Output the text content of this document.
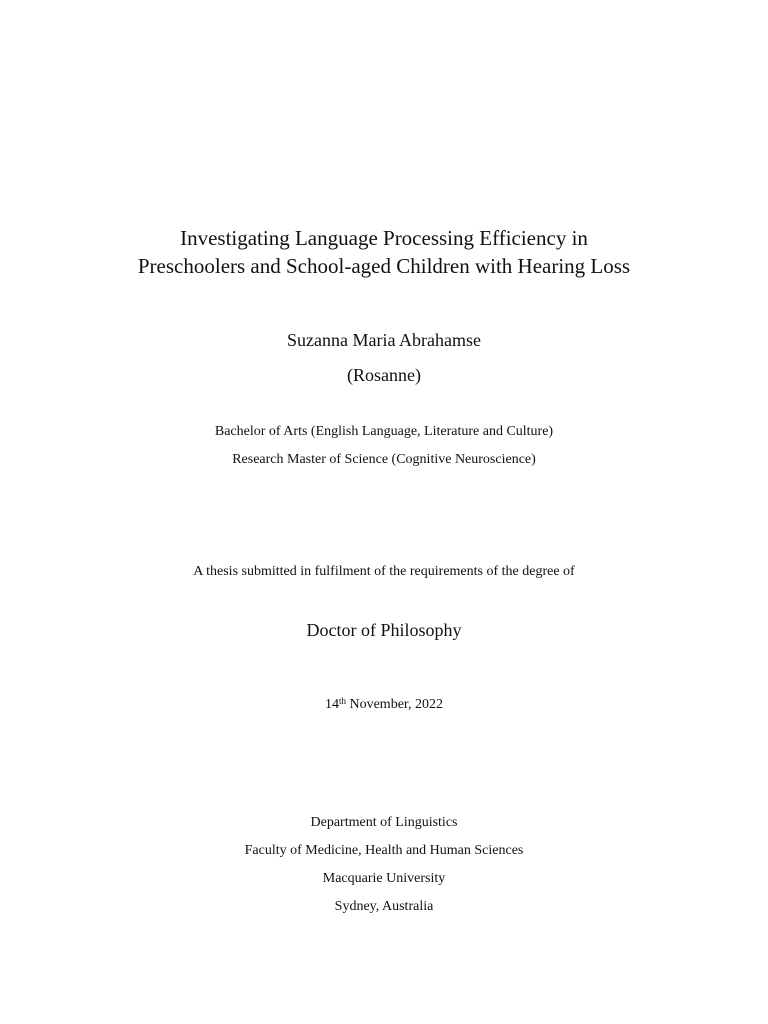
Investigating Language Processing Efficiency in
Preschoolers and School-aged Children with Hearing Loss
Suzanna Maria Abrahamse
(Rosanne)
Bachelor of Arts (English Language, Literature and Culture)
Research Master of Science (Cognitive Neuroscience)
A thesis submitted in fulfilment of the requirements of the degree of
Doctor of Philosophy
14th November, 2022
Department of Linguistics
Faculty of Medicine, Health and Human Sciences
Macquarie University
Sydney, Australia
